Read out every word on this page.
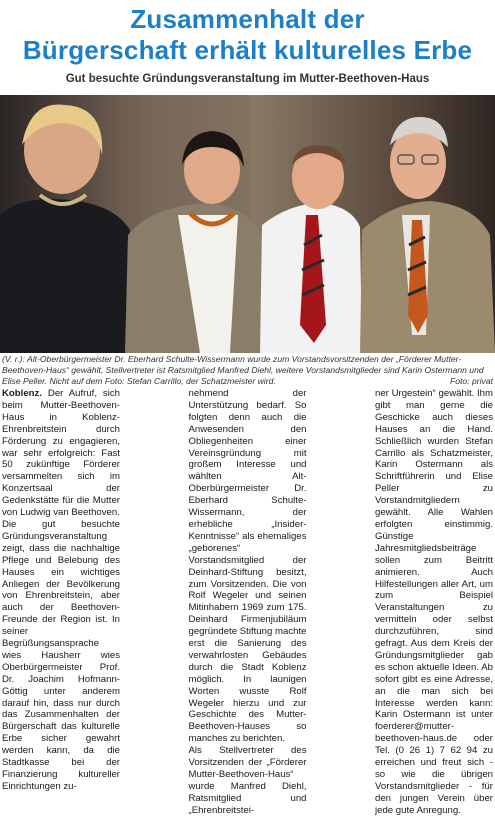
Zusammenhalt der
Bürgerschaft erhält kulturelles Erbe

Gut besuchte Gründungsveranstaltung im Mutter-Beethoven-Haus

(V. r.): Alt-Oberbürgermeister Dr. Eberhard Schulte-Wissermann wurde zum Vorstandsvorsitzenden der „Förderer Mutter-Beethoven-Haus“ gewählt, Stellvertreter ist Ratsmitglied Manfred Diehl, weitere Vorstandsmitglieder sind Karin Ostermann und Elise Peller. Nicht auf dem Foto: Stefan Carrillo, der Schatzmeister wird.	Foto: privat

Koblenz. Der Aufruf, sich beim Mutter-Beethoven-Haus in Koblenz-Ehrenbreitstein durch Förderung zu engagieren, war sehr erfolgreich: Fast 50 zukünftige Förderer versammelten sich im Konzertsaal der Gedenkstätte für die Mutter von Ludwig van Beethoven.

Die gut besuchte Gründungsveranstaltung zeigt, dass die nachhaltige Pflege und Belebung des Hauses ein wichtiges Anliegen der Bevölkerung von Ehrenbreitstein, aber auch der Beethoven-Freunde der Region ist. In seiner Begrüßungsansprache wies Hausherr wies Oberbürgermeister Prof. Dr. Joachim Hofmann-Göttig unter anderem darauf hin, dass nur durch das Zusammenhalten der Bürgerschaft das kulturelle Erbe sicher gewahrt werden kann, da die Stadtkasse bei der Finanzierung kultureller Einrichtungen zu-

nehmend der Unterstützung bedarf. So folgten denn auch die Anwesenden den Obliegenheiten einer Vereinsgründung mit großem Interesse und wählten Alt-Oberbürgermeister Dr. Eberhard Schulte-Wissermann, der erhebliche „Insider-Kenntnisse“ als ehemaliges „geborenes“ Vorstandsmitglied der Deinhard-Stiftung besitzt, zum Vorsitzenden. Die von Rolf Wegeler und seinen Mitinhabern 1969 zum 175. Deinhard Firmenjubiläum gegründete Stiftung machte erst die Sanierung des verwahrlosten Gebäudes durch die Stadt Koblenz möglich. In launigen Worten wusste Rolf Wegeler hierzu und zur Geschichte des Mutter-Beethoven-Hauses so manches zu berichten.

Als Stellvertreter des Vorsitzenden der „Förderer Mutter-Beethoven-Haus“ wurde Manfred Diehl, Ratsmitglied und „Ehrenbreitstei-

ner Urgestein“ gewählt. Ihm gibt man gerne die Geschicke auch dieses Hauses an die Hand. Schließlich wurden Stefan Carrillo als Schatzmeister, Karin Ostermann als Schriftführerin und Elise Peller zu Vorstandmitgliedern gewählt. Alle Wahlen erfolgten einstimmig. Günstige Jahresmitgliedsbeiträge sollen zum Beitritt animieren. Auch Hilfestellungen aller Art, um zum Beispiel Veranstaltungen zu vermitteln oder selbst durchzuführen, sind gefragt. Aus dem Kreis der Gründungsmitglieder gab es schon aktuelle Ideen. Ab sofort gibt es eine Adresse, an die man sich bei Interesse werden kann: Karin Ostermann ist unter foerderer@mutter-beethoven-haus.de oder Tel. (0 26 1) 7 62 94 zu erreichen und freut sich - so wie die übrigen Vorstandsmitglieder - für den jungen Verein über jede gute Anregung.
